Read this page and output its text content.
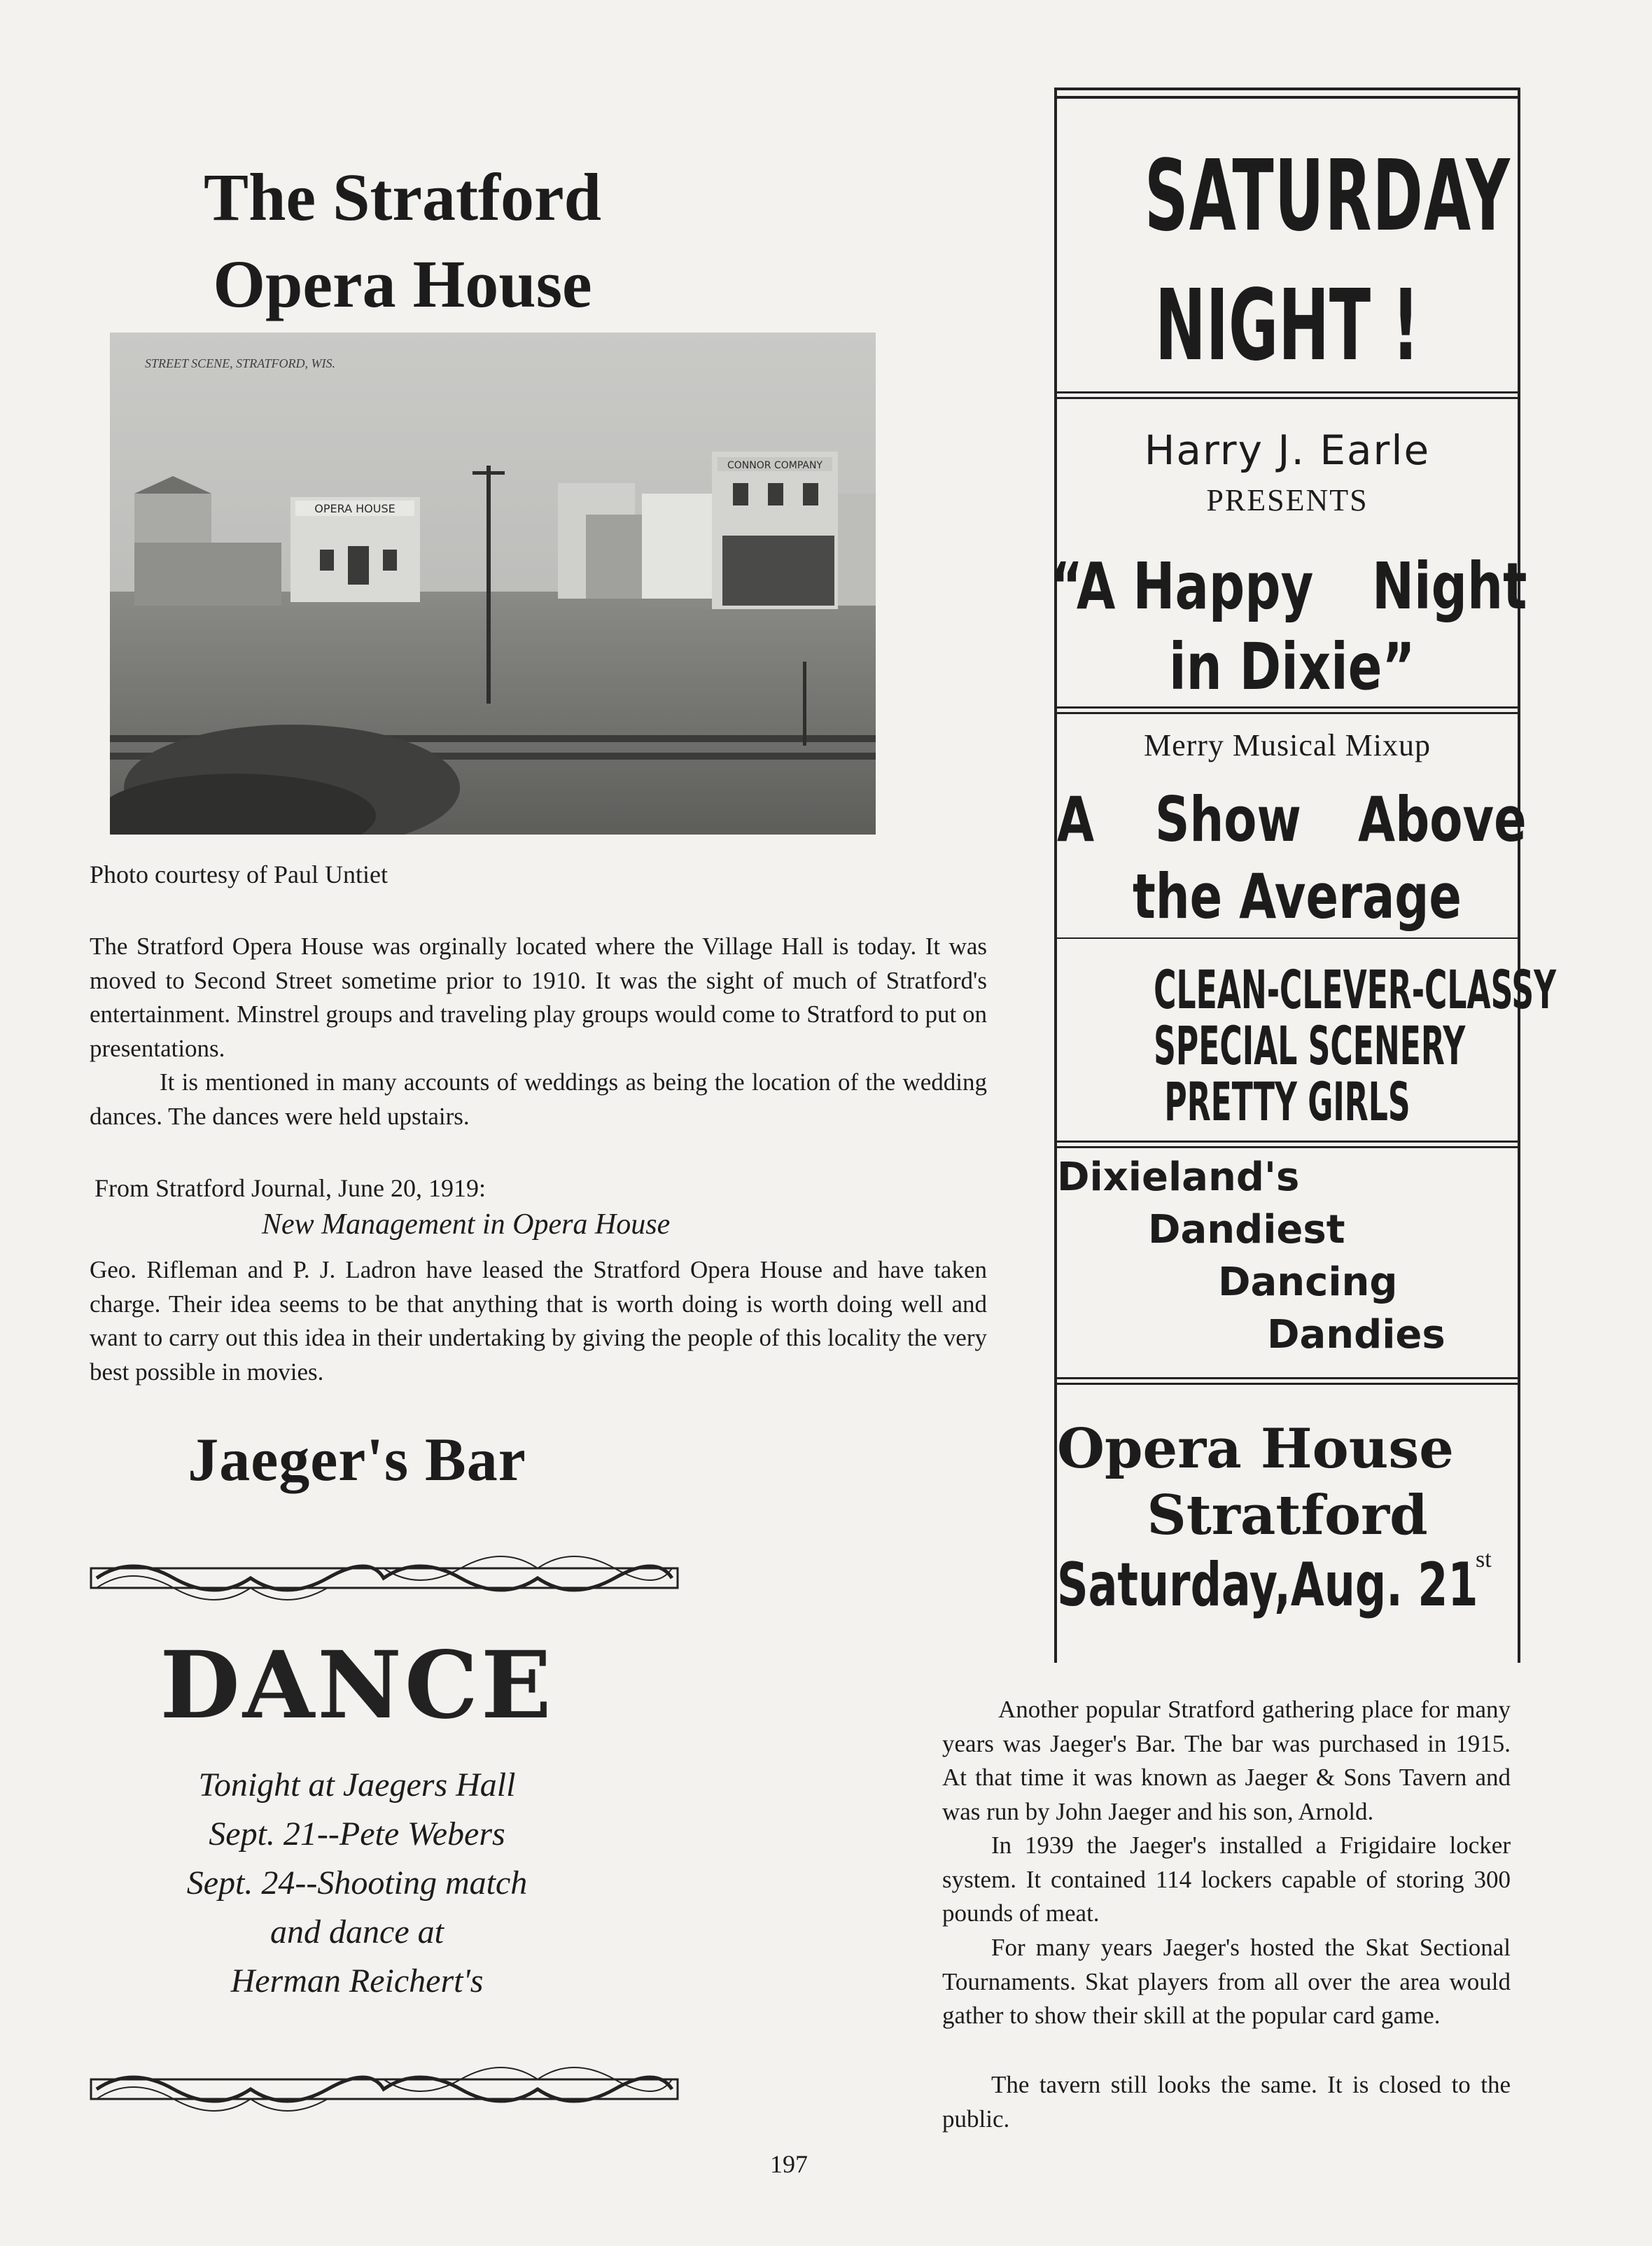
The Stratford
Opera House
STREET SCENE, STRATFORD, WIS.
OPERA HOUSE
CONNOR COMPANY
Photo courtesy of Paul Untiet
The Stratford Opera House was orginally located where the Village Hall is today. It was moved to Second Street sometime prior to 1910. It was the sight of much of Stratford's entertainment. Minstrel groups and traveling play groups would come to Stratford to put on presentations.
It is mentioned in many accounts of weddings as being the location of the wedding dances. The dances were held upstairs.
From Stratford Journal, June 20, 1919:
New Management in Opera House
Geo. Rifleman and P. J. Ladron have leased the Stratford Opera House and have taken charge. Their idea seems to be that anything that is worth doing is worth doing well and want to carry out this idea in their undertaking by giving the people of this locality the very best possible in movies.
Jaeger's Bar
DANCE
Tonight at Jaegers Hall
Sept. 21--Pete Webers
Sept. 24--Shooting match
and dance at
Herman Reichert's
197
SATURDAY
NIGHT !
Harry J. Earle
PRESENTS
“A Happy Night
in Dixie”
Merry Musical Mixup
A Show Above
the Average
CLEAN-CLEVER-CLASSY
SPECIAL SCENERY
PRETTY GIRLS
Dixieland's
Dandiest
Dancing
Dandies
Opera House
Stratford
Saturday,Aug. 21
st
Another popular Stratford gathering place for many years was Jaeger's Bar. The bar was purchased in 1915. At that time it was known as Jaeger & Sons Tavern and was run by John Jaeger and his son, Arnold.
In 1939 the Jaeger's installed a Frigidaire locker system. It contained 114 lockers capable of storing 300 pounds of meat.
For many years Jaeger's hosted the Skat Sectional Tournaments. Skat players from all over the area would gather to show their skill at the popular card game.
The tavern still looks the same. It is closed to the public.
